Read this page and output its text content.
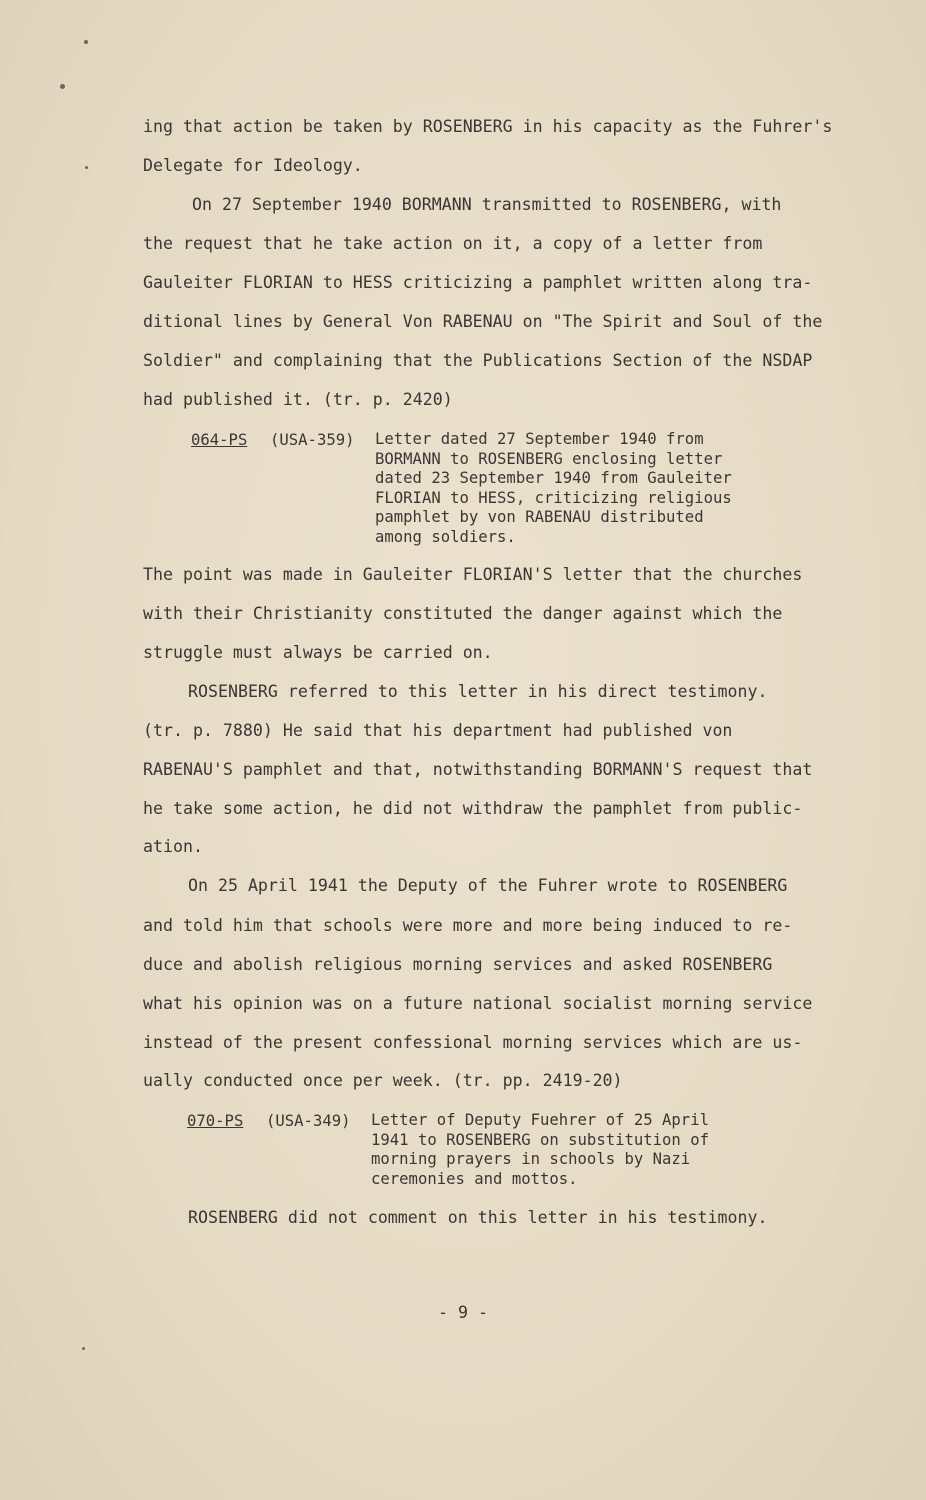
ing that action be taken by ROSENBERG in his capacity as the Fuhrer's
Delegate for Ideology.
On 27 September 1940 BORMANN transmitted to ROSENBERG, with
the request that he take action on it, a copy of a letter from
Gauleiter FLORIAN to HESS criticizing a pamphlet written along tra-
ditional lines by General Von RABENAU on "The Spirit and Soul of the
Soldier" and complaining that the Publications Section of the NSDAP
had published it. (tr. p. 2420)
064-PS (USA-359) Letter dated 27 September 1940 from
BORMANN to ROSENBERG enclosing letter
dated 23 September 1940 from Gauleiter
FLORIAN to HESS, criticizing religious
pamphlet by von RABENAU distributed
among soldiers.
The point was made in Gauleiter FLORIAN'S letter that the churches
with their Christianity constituted the danger against which the
struggle must always be carried on.
ROSENBERG referred to this letter in his direct testimony.
(tr. p. 7880) He said that his department had published von
RABENAU'S pamphlet and that, notwithstanding BORMANN'S request that
he take some action, he did not withdraw the pamphlet from public-
ation.
On 25 April 1941 the Deputy of the Fuhrer wrote to ROSENBERG
and told him that schools were more and more being induced to re-
duce and abolish religious morning services and asked ROSENBERG
what his opinion was on a future national socialist morning service
instead of the present confessional morning services which are us-
ually conducted once per week. (tr. pp. 2419-20)
070-PS (USA-349) Letter of Deputy Fuehrer of 25 April
1941 to ROSENBERG on substitution of
morning prayers in schools by Nazi
ceremonies and mottos.
ROSENBERG did not comment on this letter in his testimony.
- 9 -
